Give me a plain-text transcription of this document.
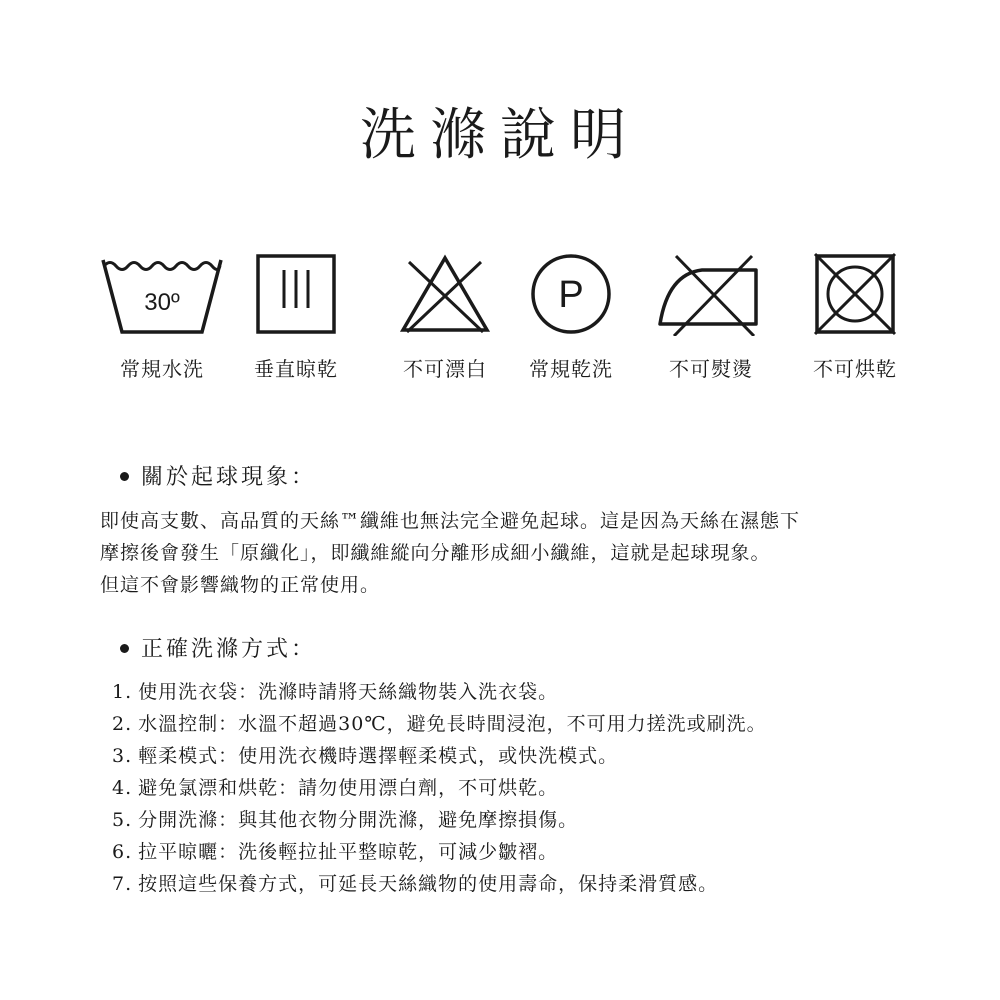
洗滌說明
30º
常規水洗	垂直晾乾	不可漂白
P
常規乾洗	不可熨燙	不可烘乾
關於起球現象：
即使高支數、高品質的天絲™纖維也無法完全避免起球。這是因為天絲在濕態下
摩擦後會發生「原纖化」，即纖維縱向分離形成細小纖維，這就是起球現象。
但這不會影響織物的正常使用。
正確洗滌方式：
1. 使用洗衣袋：洗滌時請將天絲織物裝入洗衣袋。
2. 水溫控制：水溫不超過30℃，避免長時間浸泡，不可用力搓洗或刷洗。
3. 輕柔模式：使用洗衣機時選擇輕柔模式，或快洗模式。
4. 避免氯漂和烘乾：請勿使用漂白劑，不可烘乾。
5. 分開洗滌：與其他衣物分開洗滌，避免摩擦損傷。
6. 拉平晾曬：洗後輕拉扯平整晾乾，可減少皺褶。
7. 按照這些保養方式，可延長天絲織物的使用壽命，保持柔滑質感。
